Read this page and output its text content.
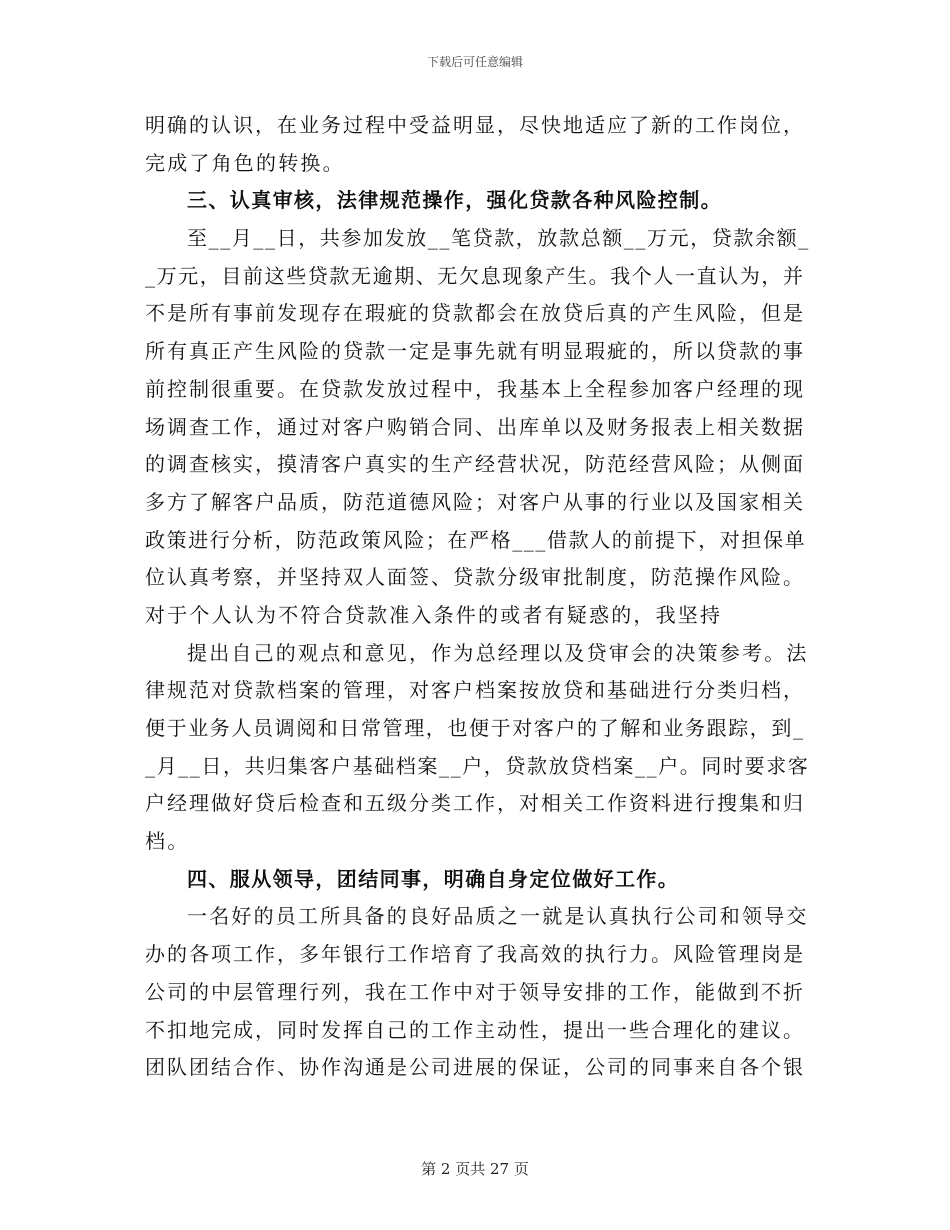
下载后可任意编辑
明确的认识，在业务过程中受益明显，尽快地适应了新的工作岗位，
完成了角色的转换。
三、认真审核，法律规范操作，强化贷款各种风险控制。
至__月__日，共参加发放__笔贷款，放款总额__万元，贷款余额_
_万元，目前这些贷款无逾期、无欠息现象产生。我个人一直认为，并
不是所有事前发现存在瑕疵的贷款都会在放贷后真的产生风险，但是
所有真正产生风险的贷款一定是事先就有明显瑕疵的，所以贷款的事
前控制很重要。在贷款发放过程中，我基本上全程参加客户经理的现
场调查工作，通过对客户购销合同、出库单以及财务报表上相关数据
的调查核实，摸清客户真实的生产经营状况，防范经营风险；从侧面
多方了解客户品质，防范道德风险；对客户从事的行业以及国家相关
政策进行分析，防范政策风险；在严格___借款人的前提下，对担保单
位认真考察，并坚持双人面签、贷款分级审批制度，防范操作风险。
对于个人认为不符合贷款准入条件的或者有疑惑的，我坚持
提出自己的观点和意见，作为总经理以及贷审会的决策参考。法
律规范对贷款档案的管理，对客户档案按放贷和基础进行分类归档，
便于业务人员调阅和日常管理，也便于对客户的了解和业务跟踪，到_
_月__日，共归集客户基础档案__户，贷款放贷档案__户。同时要求客
户经理做好贷后检查和五级分类工作，对相关工作资料进行搜集和归
档。
四、服从领导，团结同事，明确自身定位做好工作。
一名好的员工所具备的良好品质之一就是认真执行公司和领导交
办的各项工作，多年银行工作培育了我高效的执行力。风险管理岗是
公司的中层管理行列，我在工作中对于领导安排的工作，能做到不折
不扣地完成，同时发挥自己的工作主动性，提出一些合理化的建议。
团队团结合作、协作沟通是公司进展的保证，公司的同事来自各个银
第 2 页共 27 页
